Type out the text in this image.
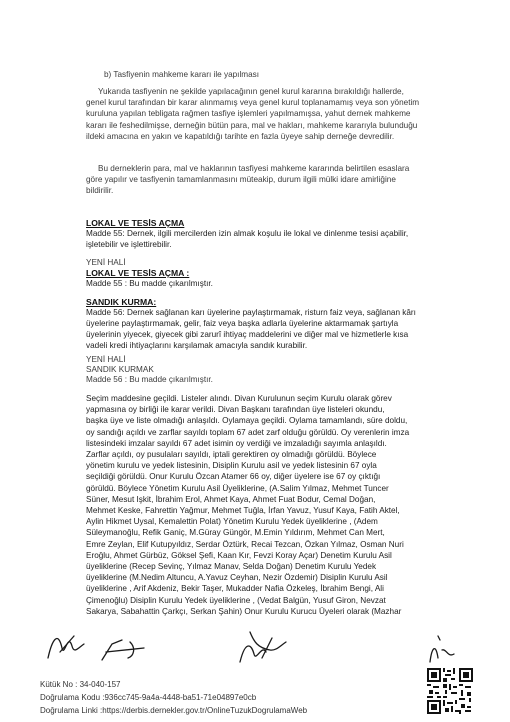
b) Tasfiyenin mahkeme kararı ile yapılması
Yukarıda tasfiyenin ne şekilde yapılacağının genel kurul kararına bırakıldığı hallerde,
genel kurul tarafından bir karar alınmamış veya genel kurul toplanamamış veya son yönetim
kuruluna yapılan tebligata rağmen tasfiye işlemleri yapılmamışsa, yahut dernek mahkeme
kararı ile feshedilmişse, derneğin bütün para, mal ve hakları, mahkeme kararıyla bulunduğu
ildeki amacına en yakın ve kapatıldığı tarihte en fazla üyeye sahip derneğe devredilir.
Bu derneklerin para, mal ve haklarının tasfiyesi mahkeme kararında belirtilen esaslara
göre yapılır ve tasfiyenin tamamlanmasını müteakip, durum ilgili mülki idare amirliğine
bildirilir.
LOKAL VE TESİS AÇMA
Madde 55: Dernek, ilgili mercilerden izin almak koşulu ile lokal ve dinlenme tesisi açabilir,
işletebilir ve işlettirebilir.
YENİ HALİ
LOKAL VE TESİS AÇMA :
Madde 55 : Bu madde çıkarılmıştır.
SANDIK KURMA:
Madde 56: Dernek sağlanan karı üyelerine paylaştırmamak, risturn faiz veya, sağlanan kârı
üyelerine paylaştırmamak, gelir, faiz veya başka adlarla üyelerine aktarmamak şartıyla
üyelerinin yiyecek, giyecek gibi zarurî ihtiyaç maddelerini ve diğer mal ve hizmetlerle kısa
vadeli kredi ihtiyaçlarını karşılamak amacıyla sandık kurabilir.
YENİ HALİ
SANDIK KURMAK
Madde 56 : Bu madde çıkarılmıştır.
Seçim maddesine geçildi. Listeler alındı. Divan Kurulunun seçim Kurulu olarak görev
yapmasına oy birliği ile karar verildi. Divan Başkanı tarafından üye listeleri okundu,
başka üye ve liste olmadığı anlaşıldı. Oylamaya geçildi. Oylama tamamlandı, süre doldu,
oy sandığı açıldı ve zarflar sayıldı toplam 67 adet zarf olduğu görüldü. Oy verenlerin imza
listesindeki imzalar sayıldı 67 adet isimin oy verdiği ve imzaladığı sayımla anlaşıldı.
Zarflar açıldı, oy pusulaları sayıldı, iptali gerektiren oy olmadığı görüldü. Böylece
yönetim kurulu ve yedek listesinin, Disiplin Kurulu asil ve yedek listesinin 67 oyla
seçildiği görüldü. Onur Kurulu Özcan Atamer 66 oy, diğer üyelere ise 67 oy çıktığı
görüldü. Böylece Yönetim Kurulu Asil Üyeliklerine, (A.Salim Yılmaz, Mehmet Tuncer
Süner, Mesut Işkit, İbrahim Erol, Ahmet Kaya, Ahmet Fuat Bodur, Cemal Doğan,
Mehmet Keske, Fahrettin Yağmur, Mehmet Tuğla, İrfan Yavuz, Yusuf Kaya, Fatih Aktel,
Aylin Hikmet Uysal, Kemalettin Polat) Yönetim Kurulu Yedek üyeliklerine , (Adem
Süleymanoğlu, Refik Ganiç, M.Güray Güngör, M.Emin Yıldırım, Mehmet Can Mert,
Emre Zeylan, Elif Kutupyıldız, Serdar Öztürk, Recai Tezcan, Özkan Yılmaz, Osman Nuri
Eroğlu, Ahmet Gürbüz, Göksel Şefi, Kaan Kır, Fevzi Koray Açar) Denetim Kurulu Asil
üyeliklerine (Recep Sevinç, Yılmaz Manav, Selda Doğan) Denetim Kurulu Yedek
üyeliklerine (M.Nedim Altuncu, A.Yavuz Ceyhan, Nezir Özdemir) Disiplin Kurulu Asil
üyeliklerine , Arif Akdeniz, Bekir Taşer, Mukadder Nafia Özkeleş, İbrahim Bengi, Ali
Çimenoğlu) Disiplin Kurulu Yedek üyeliklerine , (Vedat Balgün, Yusuf Giron, Nevzat
Sakarya, Sabahattin Çarkçı, Serkan Şahin) Onur Kurulu Kurucu Üyeleri olarak (Mazhar
Kütük No : 34-040-157
Doğrulama Kodu :936cc745-9a4a-4448-ba51-71e04897e0cb
Doğrulama Linki :https://derbis.dernekler.gov.tr/OnlineTuzukDogrulamaWeb
